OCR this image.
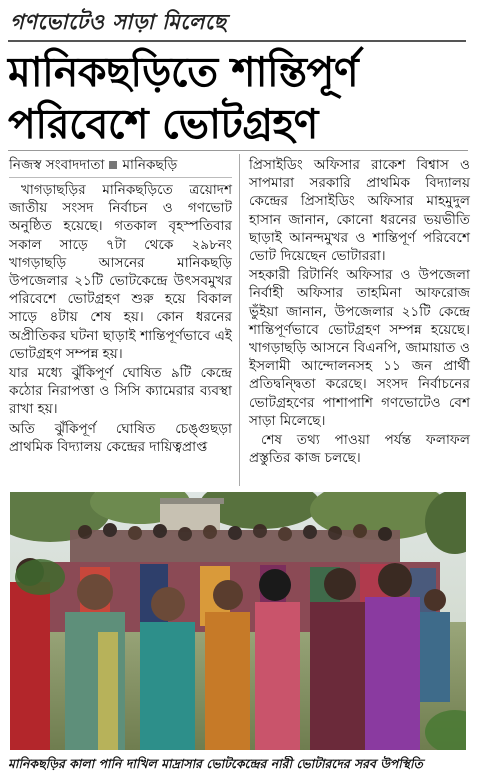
গণভোটেও সাড়া মিলেছে
মানিকছড়িতে শান্তিপূর্ণ
পরিবেশে ভোটগ্রহণ
নিজস্ব সংবাদদাতা মানিকছড়ি

খাগড়াছড়ির মানিকছড়িতে ত্রয়োদশ জাতীয় সংসদ নির্বাচন ও গণভোট অনুষ্ঠিত হয়েছে। গতকাল বৃহস্পতিবার সকাল সাড়ে ৭টা থেকে ২৯৮নং খাগড়াছড়ি আসনের মানিকছড়ি উপজেলার ২১টি ভোটকেন্দ্রে উৎসবমুখর পরিবেশে ভোটগ্রহণ শুরু হয়ে বিকাল সাড়ে ৪টায় শেষ হয়। কোন ধরনের অপ্রীতিকর ঘটনা ছাড়াই শান্তিপূর্ণভাবে এই ভোটগ্রহণ সম্পন্ন হয়।

যার মধ্যে ঝুঁকিপূর্ণ ঘোষিত ৯টি কেন্দ্রে কঠোর নিরাপত্তা ও সিসি ক্যামেরার ব্যবস্থা রাখা হয়।

অতি ঝুঁকিপূর্ণ ঘোষিত চেঙ্গুছড়া প্রাথমিক বিদ্যালয় কেন্দ্রের দায়িত্বপ্রাপ্ত

প্রিসাইডিং অফিসার রাকেশ বিশ্বাস ও সাপমারা সরকারি প্রাথমিক বিদ্যালয় কেন্দ্রের প্রিসাইডিং অফিসার মাহমুদুল হাসান জানান, কোনো ধরনের ভয়ভীতি ছাড়াই আনন্দমুখর ও শান্তিপূর্ণ পরিবেশে ভোট দিয়েছেন ভোটাররা।

সহকারী রিটার্নিং অফিসার ও উপজেলা নির্বাহী অফিসার তাহমিনা আফরোজ ভুঁইয়া জানান, উপজেলার ২১টি কেন্দ্রে শান্তিপূর্ণভাবে ভোটগ্রহণ সম্পন্ন হয়েছে। খাগড়াছড়ি আসনে বিএনপি, জামায়াত ও ইসলামী আন্দোলনসহ ১১ জন প্রার্থী প্রতিদ্বন্দ্বিতা করেছে। সংসদ নির্বাচনের ভোটগ্রহণের পাশাপাশি গণভোটেও বেশ সাড়া মিলেছে।

শেষ তথ্য পাওয়া পর্যন্ত ফলাফল প্রস্তুতির কাজ চলছে।

মানিকছড়ির কালা পানি দাখিল মাদ্রাসার ভোটকেন্দ্রের নারী ভোটারদের সরব উপস্থিতি
